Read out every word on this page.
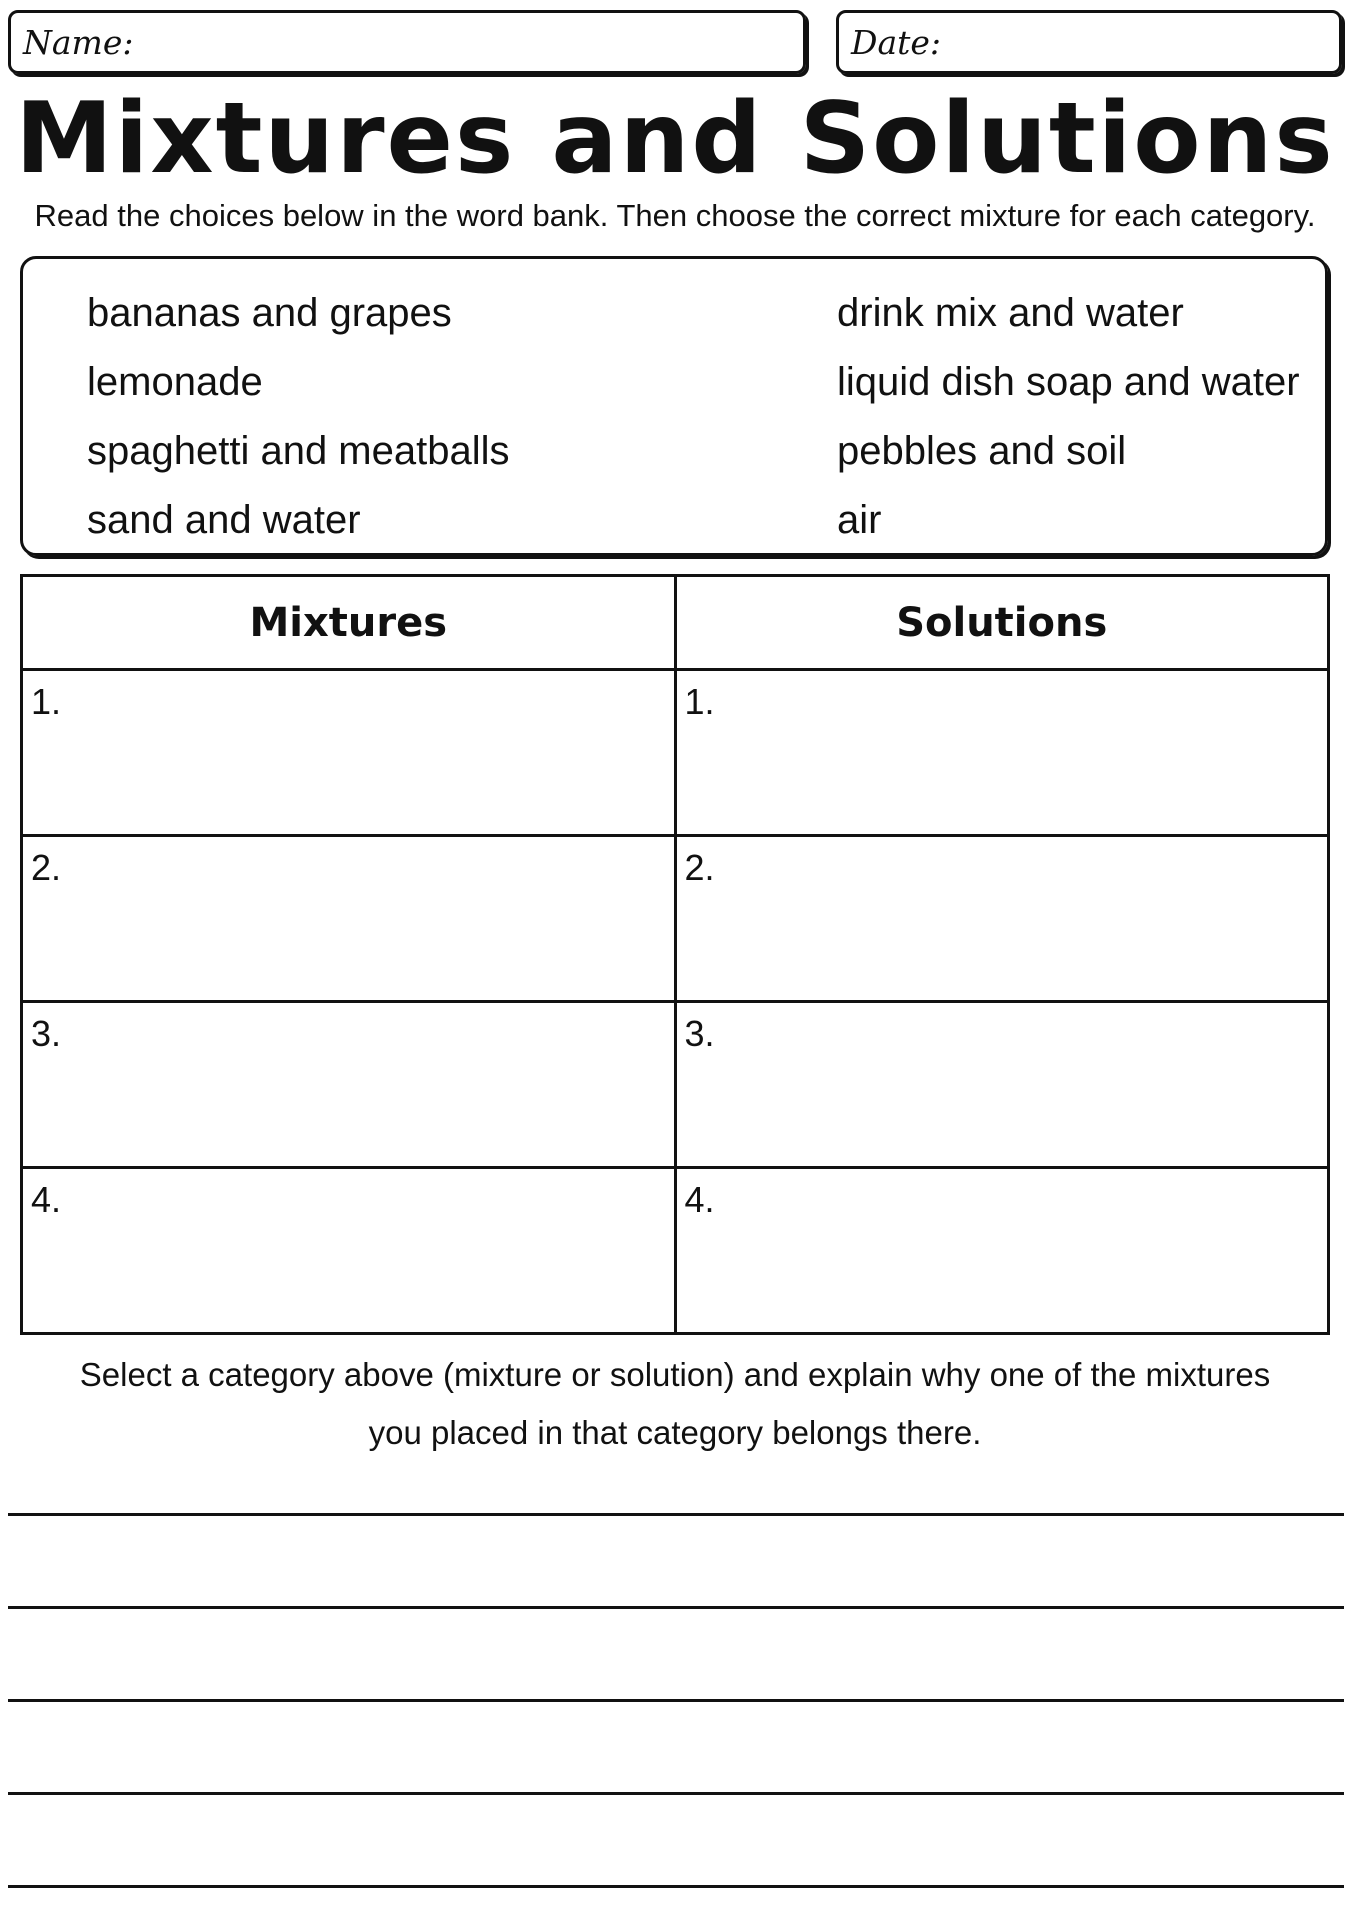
Name:	Date:
Mixtures and Solutions
Read the choices below in the word bank. Then choose the correct mixture for each category.
bananas and grapes
lemonade
spaghetti and meatballs
sand and water
drink mix and water
liquid dish soap and water
pebbles and soil
air
Mixtures	Solutions
1.	1.
2.	2.
3.	3.
4.	4.
Select a category above (mixture or solution) and explain why one of the mixtures you placed in that category belongs there.
